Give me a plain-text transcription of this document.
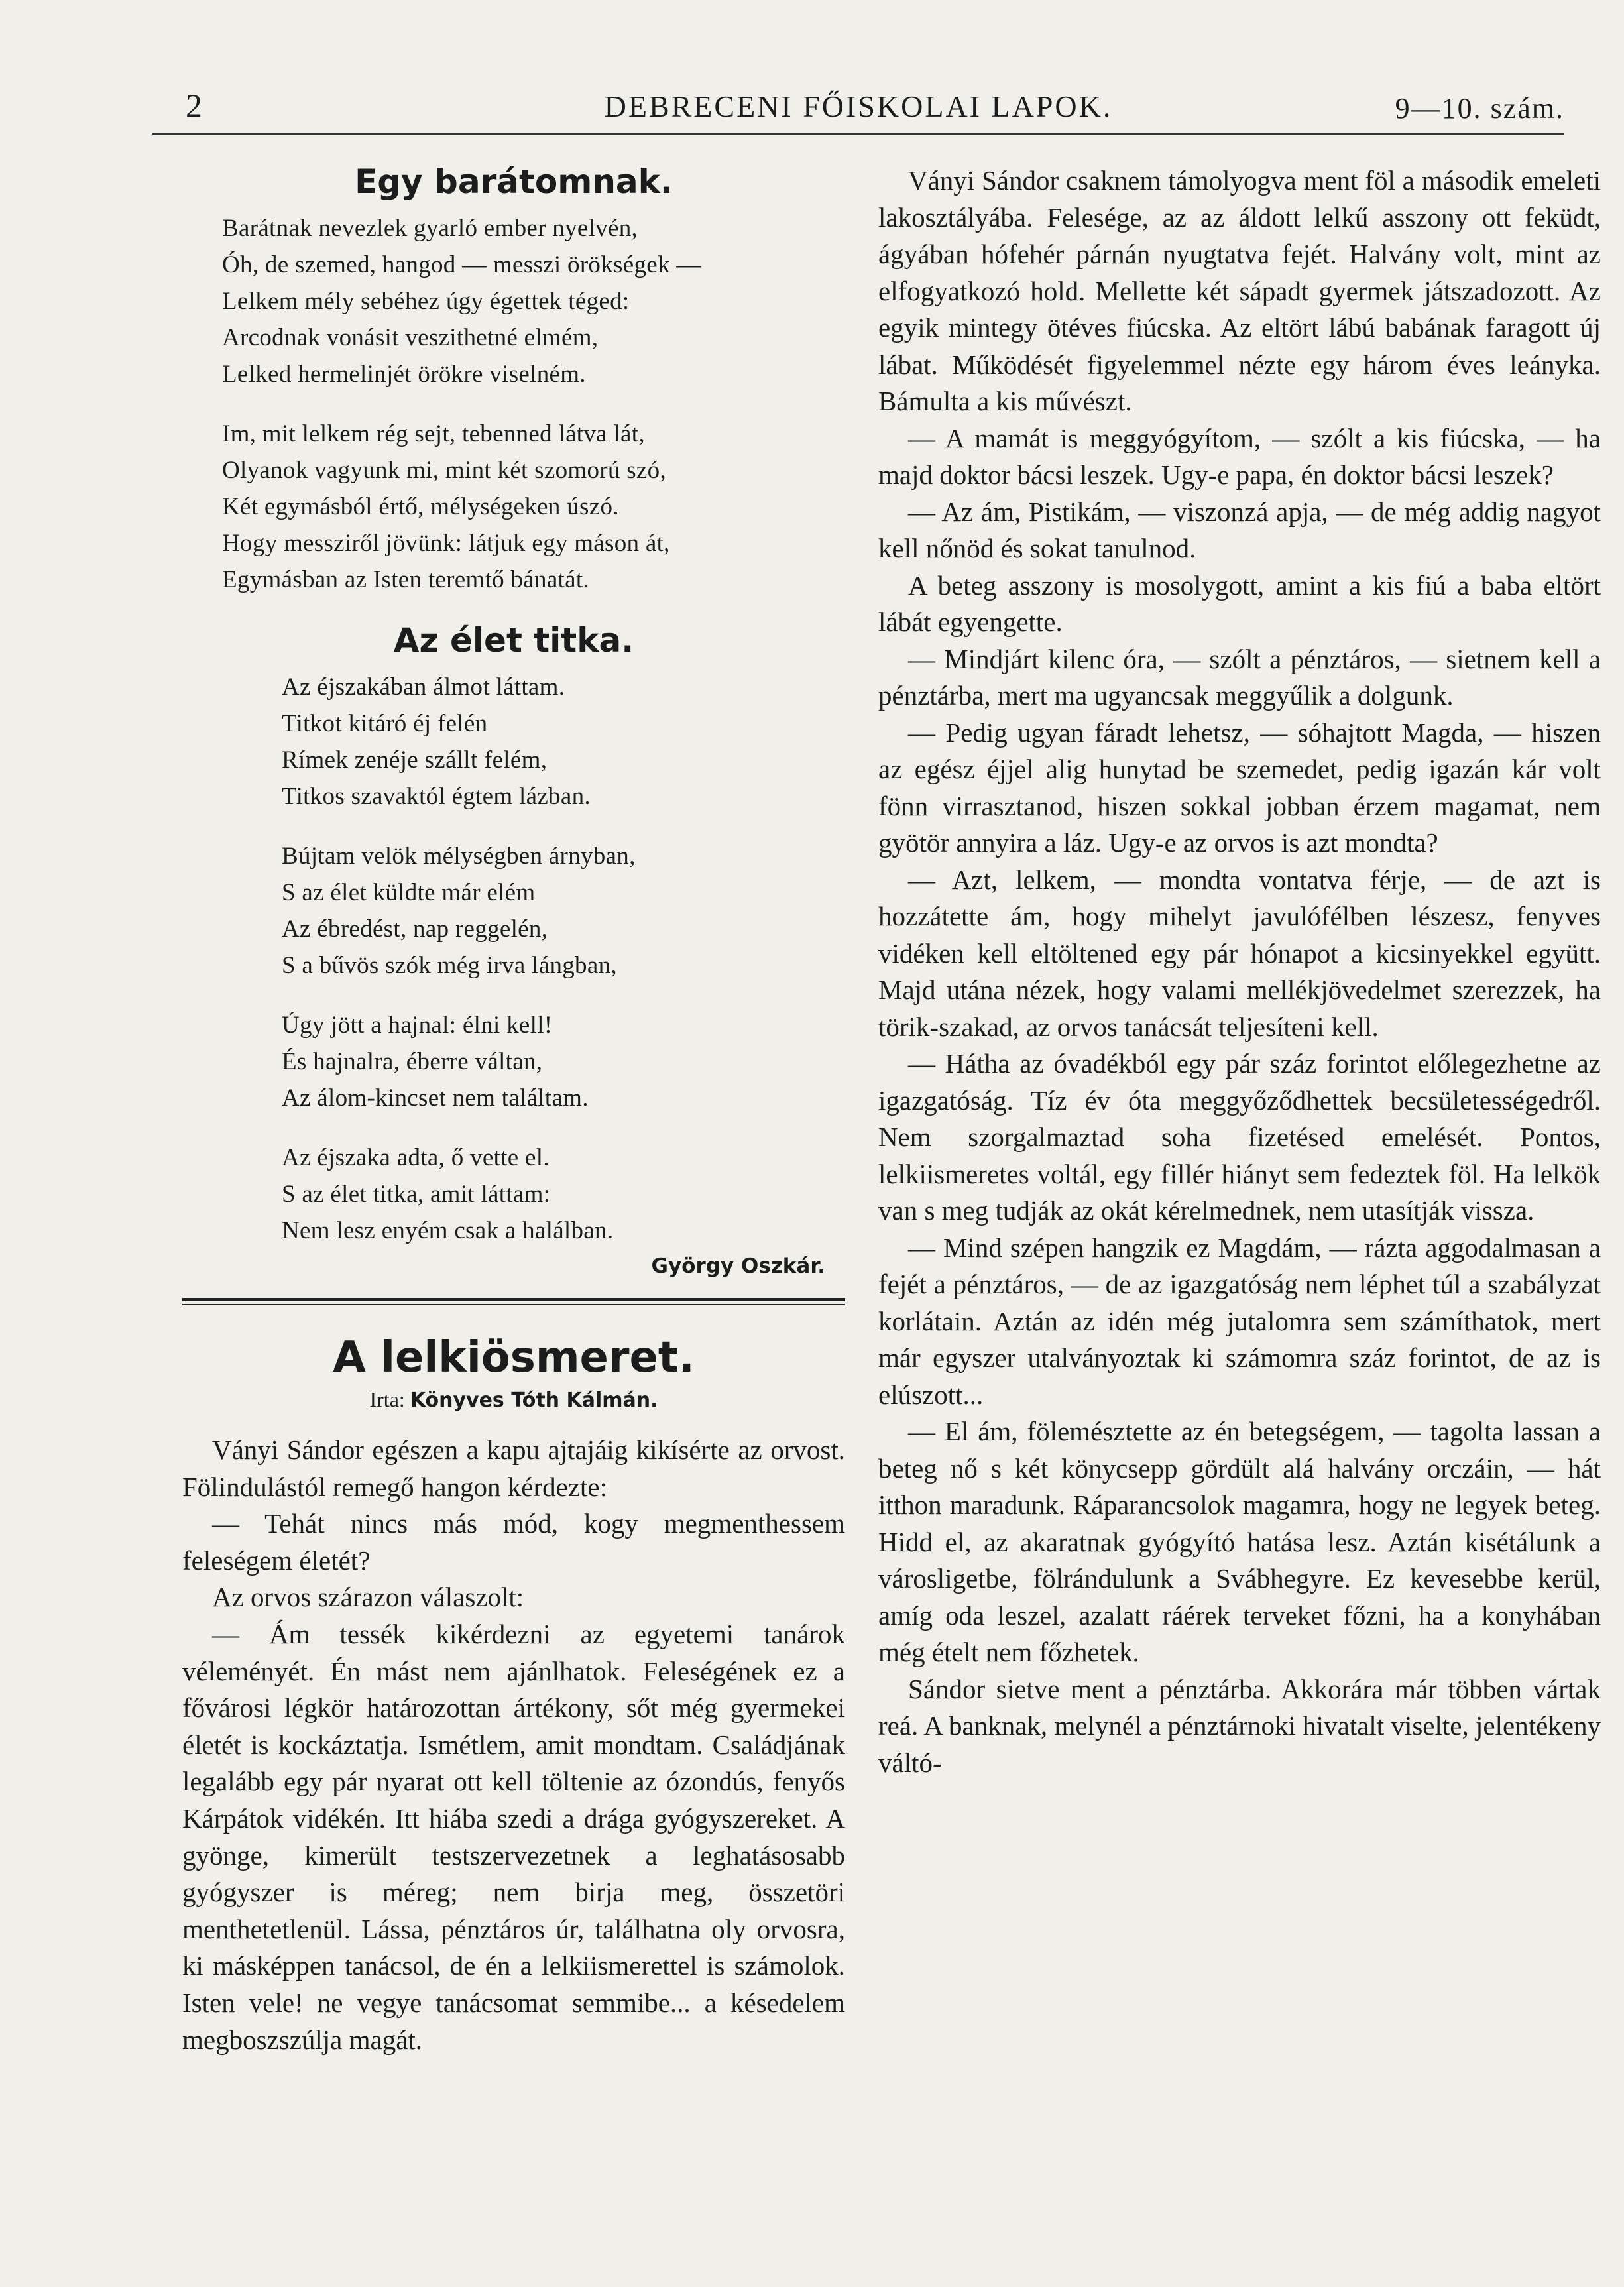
2	DEBRECENI FŐISKOLAI LAPOK.	9—10. szám.
Egy barátomnak.
Barátnak nevezlek gyarló ember nyelvén,
Óh, de szemed, hangod — messzi örökségek —
Lelkem mély sebéhez úgy égettek téged:
Arcodnak vonásit veszithetné elmém,
Lelked hermelinjét örökre viselném.
Im, mit lelkem rég sejt, tebenned látva lát,
Olyanok vagyunk mi, mint két szomorú szó,
Két egymásból értő, mélységeken úszó.
Hogy messziről jövünk: látjuk egy máson át,
Egymásban az Isten teremtő bánatát.
Az élet titka.
Az éjszakában álmot láttam.
Titkot kitáró éj felén
Rímek zenéje szállt felém,
Titkos szavaktól égtem lázban.
Bújtam velök mélységben árnyban,
S az élet küldte már elém
Az ébredést, nap reggelén,
S a bűvös szók még irva lángban,
Úgy jött a hajnal: élni kell!
És hajnalra, éberre váltan,
Az álom-kincset nem találtam.
Az éjszaka adta, ő vette el.
S az élet titka, amit láttam:
Nem lesz enyém csak a halálban.
György Oszkár.
A lelkiösmeret.
Irta: Könyves Tóth Kálmán.

Ványi Sándor egészen a kapu ajtajáig kikísérte az orvost. Fölindulástól remegő hangon kérdezte:

— Tehát nincs más mód, kogy megmenthessem feleségem életét?

Az orvos szárazon válaszolt:

— Ám tessék kikérdezni az egyetemi tanárok véleményét. Én mást nem ajánlhatok. Feleségének ez a fővárosi légkör határozottan ártékony, sőt még gyermekei életét is kockáztatja. Ismétlem, amit mondtam. Családjának legalább egy pár nyarat ott kell töltenie az ózondús, fenyős Kárpátok vidékén. Itt hiába szedi a drága gyógyszereket. A gyönge, kimerült testszervezetnek a leghatásosabb gyógyszer is méreg; nem birja meg, összetöri menthetetlenül. Lássa, pénztáros úr, találhatna oly orvosra, ki másképpen tanácsol, de én a lelkiismerettel is számolok. Isten vele! ne vegye tanácsomat semmibe... a késedelem megboszszúlja magát.

Ványi Sándor csaknem támolyogva ment föl a második emeleti lakosztályába. Felesége, az az áldott lelkű asszony ott feküdt, ágyában hófehér párnán nyugtatva fejét. Halvány volt, mint az elfogyatkozó hold. Mellette két sápadt gyermek játszadozott. Az egyik mintegy ötéves fiúcska. Az eltört lábú babának faragott új lábat. Működését figyelemmel nézte egy három éves leányka. Bámulta a kis művészt.

— A mamát is meggyógyítom, — szólt a kis fiúcska, — ha majd doktor bácsi leszek. Ugy-e papa, én doktor bácsi leszek?

— Az ám, Pistikám, — viszonzá apja, — de még addig nagyot kell nőnöd és sokat tanulnod.

A beteg asszony is mosolygott, amint a kis fiú a baba eltört lábát egyengette.

— Mindjárt kilenc óra, — szólt a pénztáros, — sietnem kell a pénztárba, mert ma ugyancsak meggyűlik a dolgunk.

— Pedig ugyan fáradt lehetsz, — sóhajtott Magda, — hiszen az egész éjjel alig hunytad be szemedet, pedig igazán kár volt fönn virrasztanod, hiszen sokkal jobban érzem magamat, nem gyötör annyira a láz. Ugy-e az orvos is azt mondta?

— Azt, lelkem, — mondta vontatva férje, — de azt is hozzátette ám, hogy mihelyt javulófélben lészesz, fenyves vidéken kell eltöltened egy pár hónapot a kicsinyekkel együtt. Majd utána nézek, hogy valami mellékjövedelmet szerezzek, ha törik-szakad, az orvos tanácsát teljesíteni kell.

— Hátha az óvadékból egy pár száz forintot előlegezhetne az igazgatóság. Tíz év óta meggyőződhettek becsületességedről. Nem szorgalmaztad soha fizetésed emelését. Pontos, lelkiismeretes voltál, egy fillér hiányt sem fedeztek föl. Ha lelkök van s meg tudják az okát kérelmednek, nem utasítják vissza.

— Mind szépen hangzik ez Magdám, — rázta aggodalmasan a fejét a pénztáros, — de az igazgatóság nem léphet túl a szabályzat korlátain. Aztán az idén még jutalomra sem számíthatok, mert már egyszer utalványoztak ki számomra száz forintot, de az is elúszott...

— El ám, fölemésztette az én betegségem, — tagolta lassan a beteg nő s két könycsepp gördült alá halvány orczáin, — hát itthon maradunk. Ráparancsolok magamra, hogy ne legyek beteg. Hidd el, az akaratnak gyógyító hatása lesz. Aztán kisétálunk a városligetbe, fölrándulunk a Svábhegyre. Ez kevesebbe kerül, amíg oda leszel, azalatt ráérek terveket főzni, ha a konyhában még ételt nem főzhetek.

Sándor sietve ment a pénztárba. Akkorára már többen vártak reá. A banknak, melynél a pénztárnoki hivatalt viselte, jelentékeny váltó-
